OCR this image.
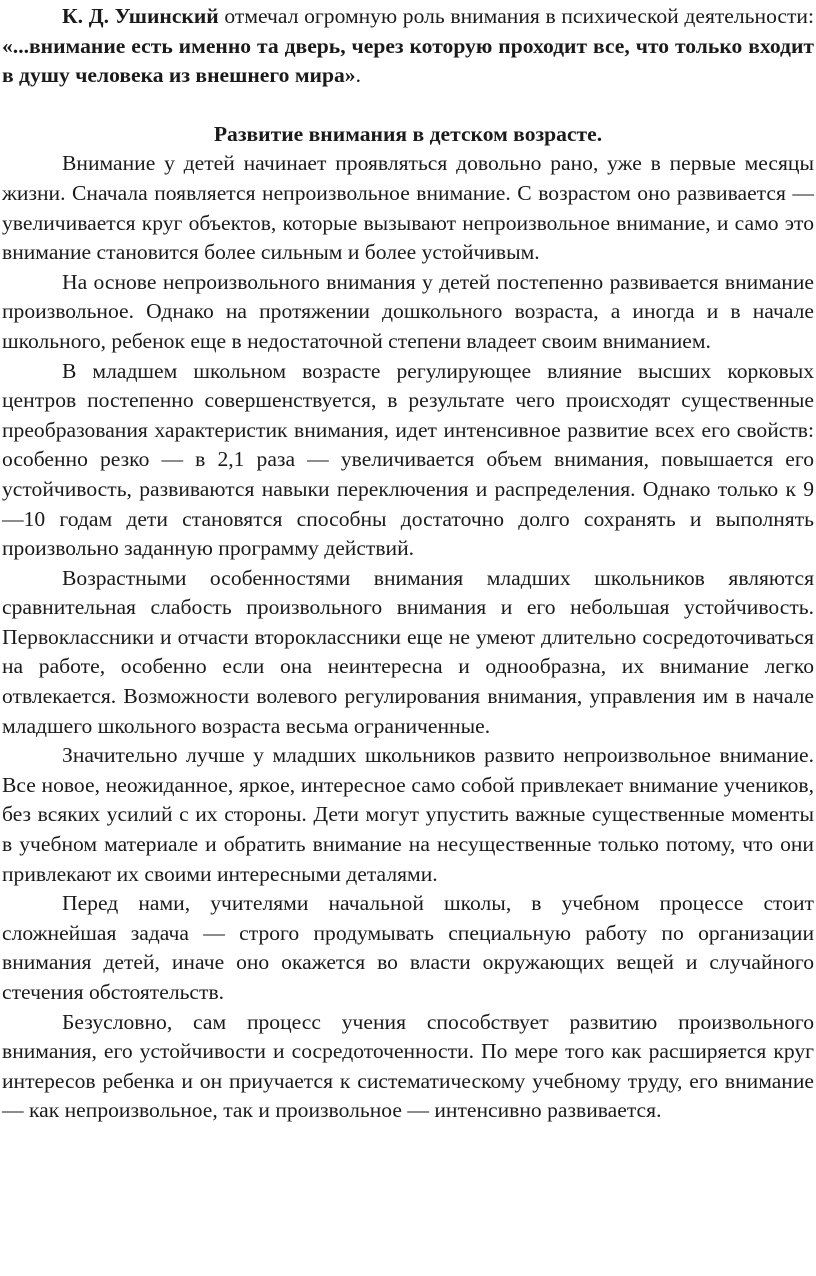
К. Д. Ушинский отмечал огромную роль внимания в психической деятельности: «...внимание есть именно та дверь, через которую проходит все, что только входит в душу человека из внешнего мира».

Развитие внимания в детском возрасте.

Внимание у детей начинает проявляться довольно рано, уже в первые месяцы жизни. Сначала появляется непроизвольное внимание. С возрастом оно развивается — увеличивается круг объектов, которые вызывают непроизвольное внимание, и само это внимание становится более сильным и более устойчивым.

На основе непроизвольного внимания у детей постепенно развивается внимание произвольное. Однако на протяжении дошкольного возраста, а иногда и в начале школьного, ребенок еще в недостаточной степени владеет своим вниманием.

В младшем школьном возрасте регулирующее влияние высших корковых центров постепенно совершенствуется, в результате чего происходят существенные преобразования характеристик внимания, идет интенсивное развитие всех его свойств: особенно резко — в 2,1 раза — увеличивается объем внимания, повышается его устойчивость, развиваются навыки переключения и распределения. Однако только к 9—10 годам дети становятся способны достаточно долго сохранять и выполнять произвольно заданную программу действий.

Возрастными особенностями внимания младших школьников являются сравнительная слабость произвольного внимания и его небольшая устойчивость. Первоклассники и отчасти второклассники еще не умеют длительно сосредоточиваться на работе, особенно если она неинтересна и однообразна, их внимание легко отвлекается. Возможности волевого регулирования внимания, управления им в начале младшего школьного возраста весьма ограниченные.

Значительно лучше у младших школьников развито непроизвольное внимание. Все новое, неожиданное, яркое, интересное само собой привлекает внимание учеников, без всяких усилий с их стороны. Дети могут упустить важные существенные моменты в учебном материале и обратить внимание на несущественные только потому, что они привлекают их своими интересными деталями.

Перед нами, учителями начальной школы, в учебном процессе стоит сложнейшая задача — строго продумывать специальную работу по организации внимания детей, иначе оно окажется во власти окружающих вещей и случайного стечения обстоятельств.

Безусловно, сам процесс учения способствует развитию произвольного внимания, его устойчивости и сосредоточенности. По мере того как расширяется круг интересов ребенка и он приучается к систематическому учебному труду, его внимание — как непроизвольное, так и произвольное — интенсивно развивается.
